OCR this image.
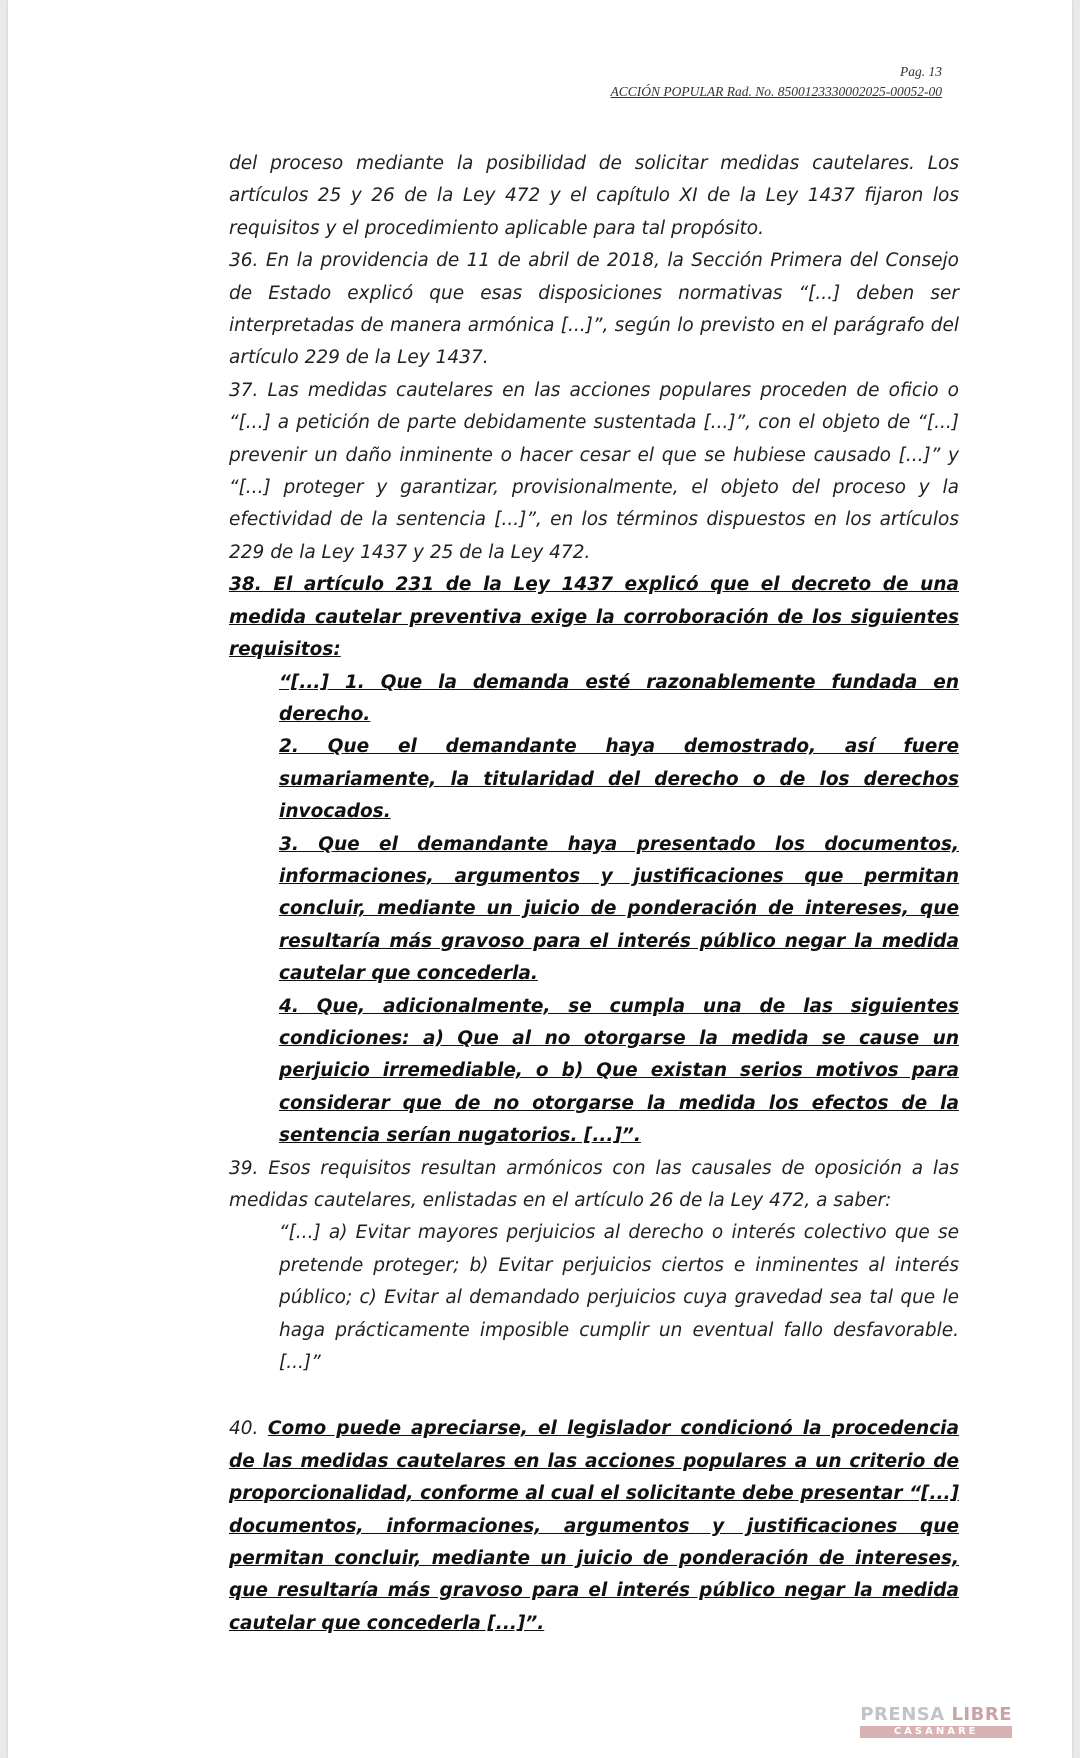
Pag. 13
ACCIÓN POPULAR Rad. No. 8500123330002025-00052-00

del proceso mediante la posibilidad de solicitar medidas cautelares. Los artículos 25 y 26 de la Ley 472 y el capítulo XI de la Ley 1437 fijaron los requisitos y el procedimiento aplicable para tal propósito.

36. En la providencia de 11 de abril de 2018, la Sección Primera del Consejo de Estado explicó que esas disposiciones normativas “[...] deben ser interpretadas de manera armónica [...]”, según lo previsto en el parágrafo del artículo 229 de la Ley 1437.

37. Las medidas cautelares en las acciones populares proceden de oficio o “[...] a petición de parte debidamente sustentada [...]”, con el objeto de “[...] prevenir un daño inminente o hacer cesar el que se hubiese causado [...]” y “[...] proteger y garantizar, provisionalmente, el objeto del proceso y la efectividad de la sentencia [...]”, en los términos dispuestos en los artículos 229 de la Ley 1437 y 25 de la Ley 472.

38. El artículo 231 de la Ley 1437 explicó que el decreto de una medida cautelar preventiva exige la corroboración de los siguientes requisitos:

“[...] 1. Que la demanda esté razonablemente fundada en derecho.

2. Que el demandante haya demostrado, así fuere sumariamente, la titularidad del derecho o de los derechos invocados.

3. Que el demandante haya presentado los documentos, informaciones, argumentos y justificaciones que permitan concluir, mediante un juicio de ponderación de intereses, que resultaría más gravoso para el interés público negar la medida cautelar que concederla.

4. Que, adicionalmente, se cumpla una de las siguientes condiciones: a) Que al no otorgarse la medida se cause un perjuicio irremediable, o b) Que existan serios motivos para considerar que de no otorgarse la medida los efectos de la sentencia serían nugatorios. [...]”.

39. Esos requisitos resultan armónicos con las causales de oposición a las medidas cautelares, enlistadas en el artículo 26 de la Ley 472, a saber:

“[...] a) Evitar mayores perjuicios al derecho o interés colectivo que se pretende proteger; b) Evitar perjuicios ciertos e inminentes al interés público; c) Evitar al demandado perjuicios cuya gravedad sea tal que le haga prácticamente imposible cumplir un eventual fallo desfavorable. [...]”

40. Como puede apreciarse, el legislador condicionó la procedencia de las medidas cautelares en las acciones populares a un criterio de proporcionalidad, conforme al cual el solicitante debe presentar “[...] documentos, informaciones, argumentos y justificaciones que permitan concluir, mediante un juicio de ponderación de intereses, que resultaría más gravoso para el interés público negar la medida cautelar que concederla [...]”.

PRENSA LIBRE
CASANARE
